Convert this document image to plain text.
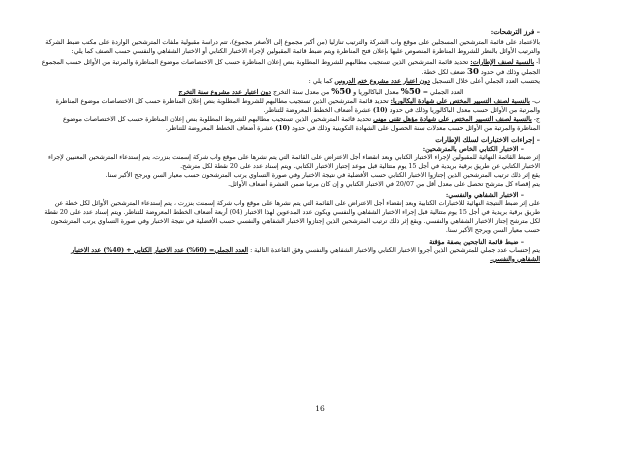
– فرز الترشحات:
بالاعتماد على قائمة المترشحين المسجلين على موقع واب الشركة والترتيب تنازليا (من أكبر مجموع إلى الأصغر مجموع)، تتم دراسة مقبولية ملفات المترشحين الواردة على مكتب ضبط الشركة
والترتيب الأوائل بالنظر للشروط المناظرة المنصوص عليها بإعلان فتح المناظرة ويتم ضبط قائمة المقبولين لإجراء الاختبار الكتابي أو الاختبار الشفاهي والنفسي حسب الصنف كما يلي:
أ- بالنسبة لصنف الإطارات: تحديد قائمة المترشحين الذين تستجيب مطالبهم للشروط المطلوبة بنص إعلان المناظرة حسب كل الاختصاصات موضوع المناظرة والمرتبة من الأوائل حسب المجموع
الجملي وذلك في حدود 30 ضعف لكل خطة.
يحتسب العدد الجملي أعلى خلال التسجيل دون اعتبار عدد مشروع ختم الدروس كما يلي :
العدد الجملي = 50% معدل الباكالوريا و 50% من معدل سنة التخرج دون اعتبار عدد مشروع سنة التخرج
ب- بالنسبة لصنف التسيير المختص على شهادة البكالوريا: تحديد قائمة المترشحين الذين تستجيب مطالبهم للشروط المطلوبة بنص إعلان المناظرة حسب كل الاختصاصات موضوع المناظرة
والمرتبة من الأوائل حسب معدل الباكالوريا وذلك في حدود (10) عشرة أضعاف الخطط المعروضة للتناظر.
ج- بالنسبة لصنف التسيير المختص على شهادة مؤهل تقني مهني تحديد قائمة المترشحين الذين تستجيب مطالبهم للشروط المطلوبة بنص إعلان المناظرة حسب كل الاختصاصات موضوع
المناظرة والمرتبة من الأوائل حسب معدلات سنة الحصول على الشهادة التكوينية وذلك في حدود (10) عشرة أضعاف الخطط المعروضة للتناظر.
– إجراءات الاختبارات لسلك الإطارات
– الاختبار الكتابي الخاص بالمترشحين:
إثر ضبط القائمة النهائية للمقبولين لإجراء الاختبار الكتابي وبعد انقضاء أجل الاعتراض على القائمة التي يتم نشرها على موقع واب شركة إسمنت بنزرت، يتم إستدعاء المترشحين المعنيين لإجراء
الاختبار الكتابي عن طريق برقية بريدية في أجل 15 يوم متتالية قبل موعد إجتياز الاختبار الكتابي. ويتم إسناد عدد على 20 نقطة لكل مترشح.
يقع إثر ذلك ترتيب المترشحين الذين إجتازوا الاختبار الكتابي حسب الأفضلية في نتيجة الاختبار وفي صورة التساوي يرتب المترشحون حسب معيار السن ويرجح الأكبر سنا.
يتم إقصاء كل مترشح تحصل على معدل أقل من 20/07 في الاختبار الكتابي و إن كان مرتبا ضمن العشرة أضعاف الأوائل.
– الاختبار الشفاهي والنفسي:
على إثر ضبط النتيجة النهائية للاختبارات الكتابية وبعد إنقضاء أجل الاعتراض على القائمة التي يتم نشرها على موقع واب شركة إسمنت بنزرت ، يتم إستدعاء المترشحين الأوائل لكل خطة عن
طريق برقية بريدية في أجل 15 يوم متتالية قبل إجراء الاختبار الشفاهي والنفسي ويكون عدد المدعوين لهذا الاختبار (04) أربعة أضعاف الخطط المعروضة للتناظر. ويتم إسناد عدد على 20 نقطة
لكل مترشح إجتاز الاختبار الشفاهي والنفسي. ويقع إثر ذلك ترتيب المترشحين الذين إجتازوا الاختبار الشفاهي والنفسي حسب الأفضلية في نتيجة الاختبار وفي صورة التساوي يرتب المترشحون
حسب معيار السن ويرجح الأكبر سنا.
– ضبط قائمة الناجحين بصفة مؤقتة
يتم إحتساب عدد جملي للمترشحين الذين أجروا الاختبار الكتابي والاختبار الشفاهي والنفسي وفق القاعدة التالية : العدد الجملي= (60%) عدد الاختبار الكتابي + (40%) عدد الاختبار
الشفاهي والنفسي.
16
